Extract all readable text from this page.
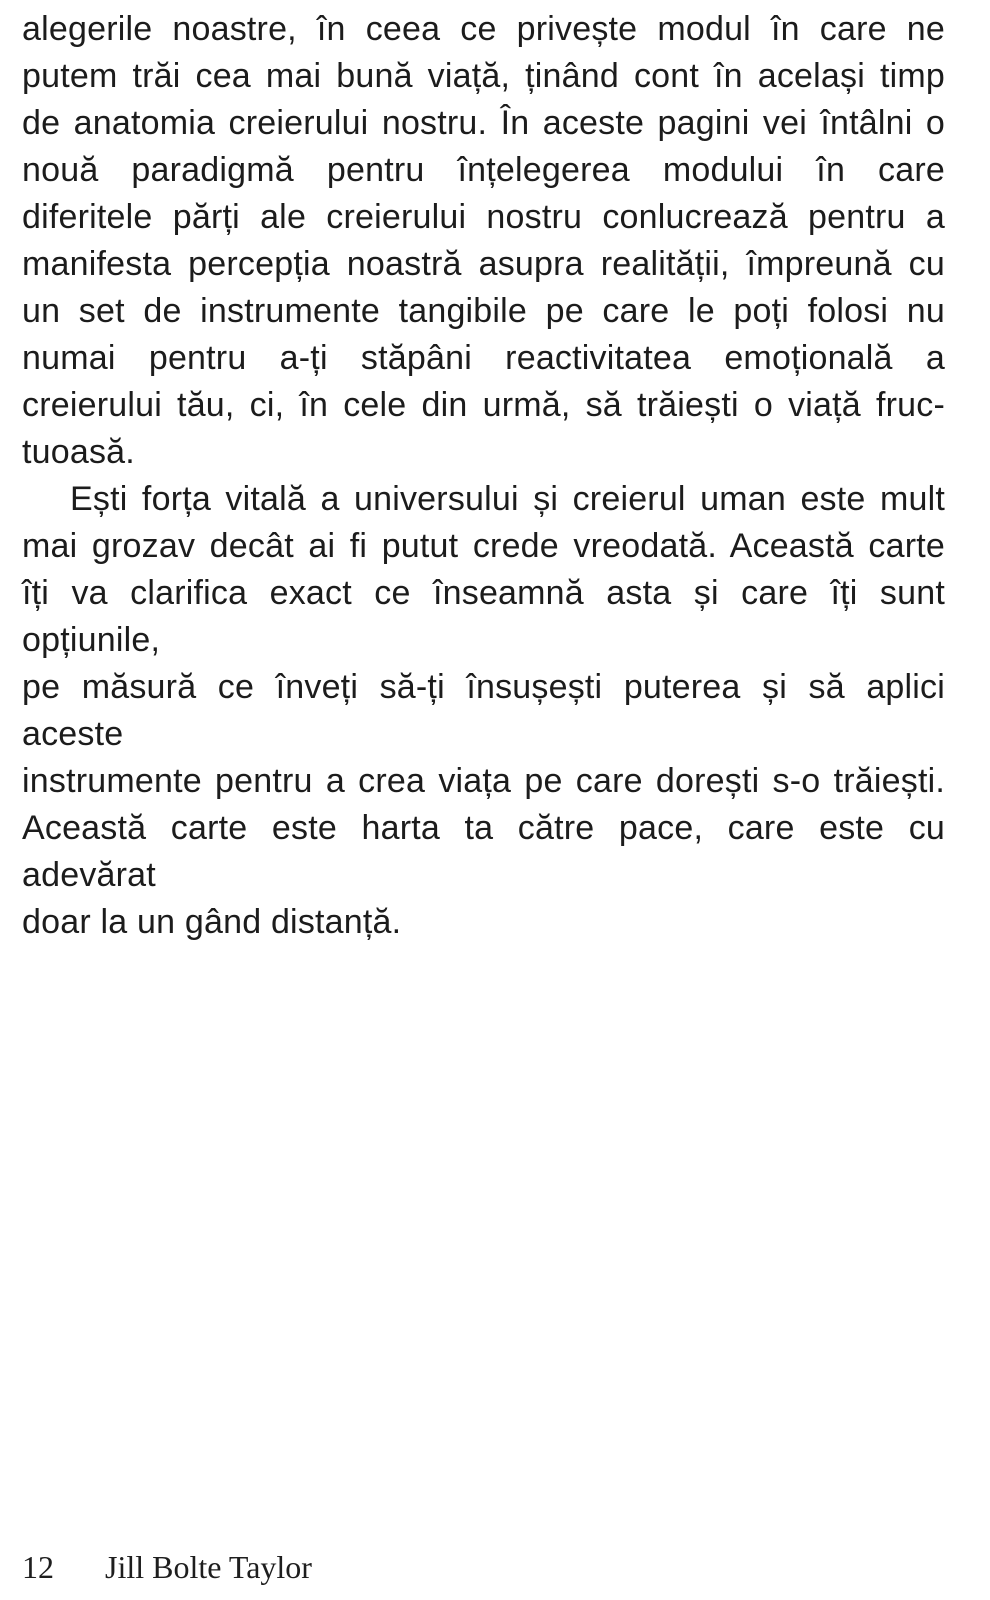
alegerile noastre, în ceea ce privește modul în care ne
putem trăi cea mai bună viață, ținând cont în același timp
de anatomia creierului nostru. În aceste pagini vei întâlni o
nouă paradigmă pentru înțelegerea modului în care
diferitele părți ale creierului nostru conlucrează pentru a
manifesta percepția noastră asupra realității, împreună cu
un set de instrumente tangibile pe care le poți folosi nu
numai pentru a-ți stăpâni reactivitatea emoțională a
creierului tău, ci, în cele din urmă, să trăiești o viață fruc-
tuoasă.
Ești forța vitală a universului și creierul uman este mult
mai grozav decât ai fi putut crede vreodată. Această carte
îți va clarifica exact ce înseamnă asta și care îți sunt opțiunile,
pe măsură ce înveți să-ți însușești puterea și să aplici aceste
instrumente pentru a crea viața pe care dorești s-o trăiești.
Această carte este harta ta către pace, care este cu adevărat
doar la un gând distanță.
12 Jill Bolte Taylor
